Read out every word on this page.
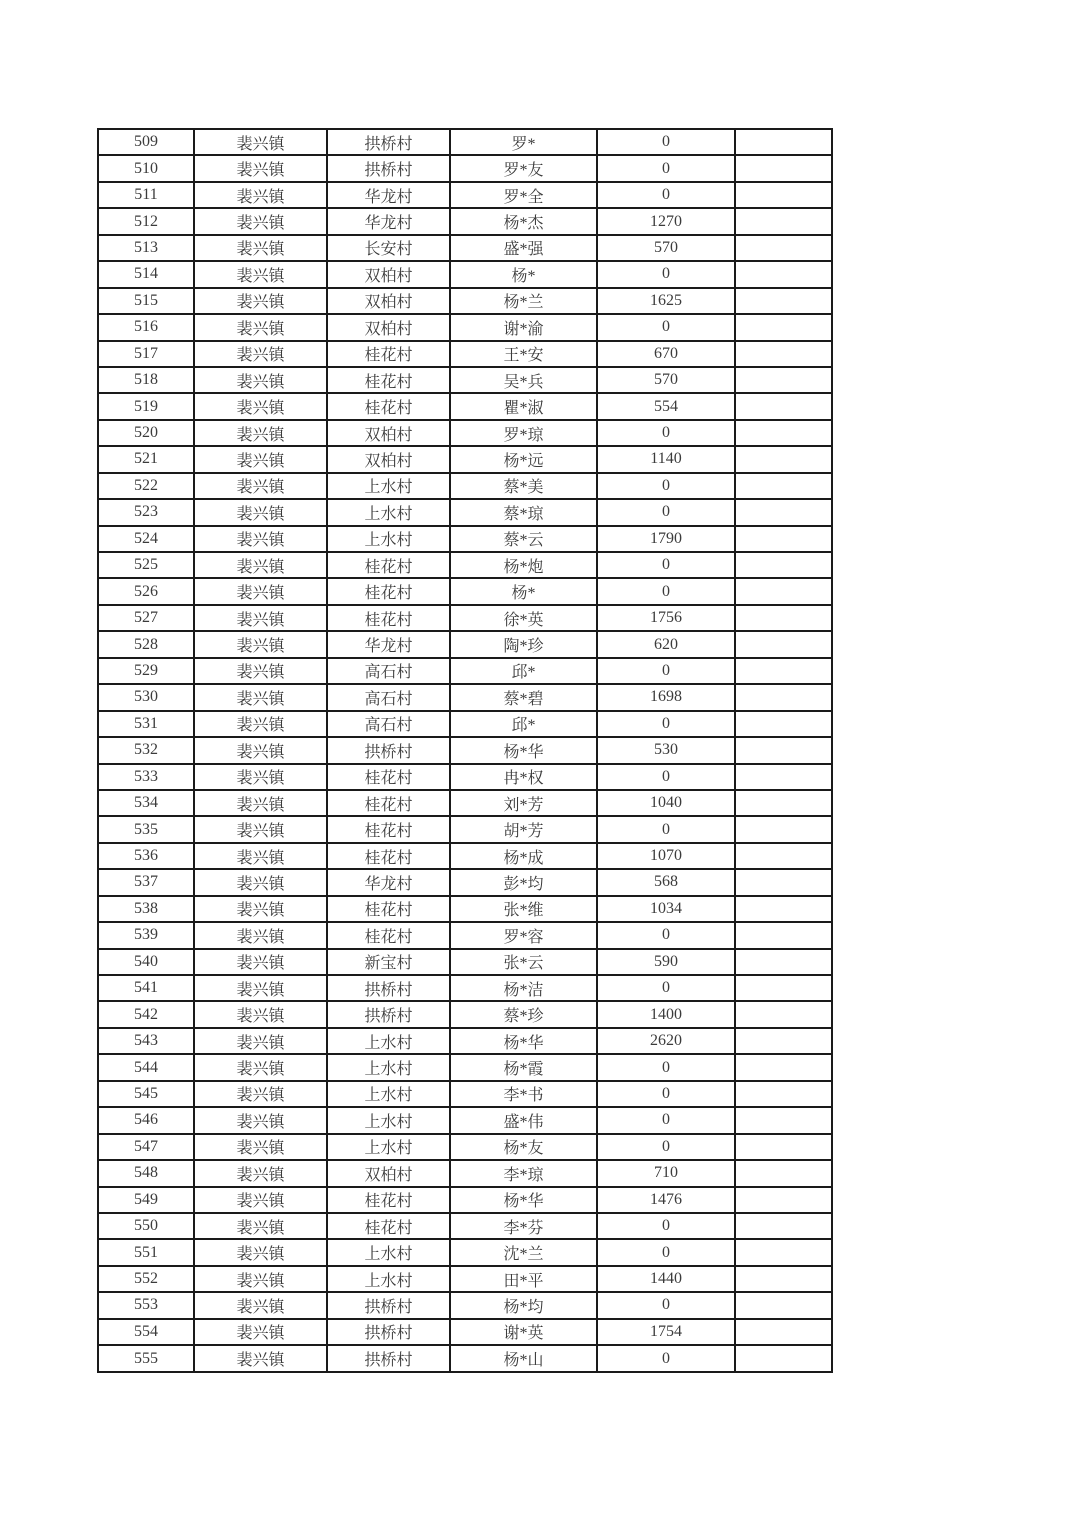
509	裴兴镇	拱桥村	罗*	0	
510	裴兴镇	拱桥村	罗*友	0	
511	裴兴镇	华龙村	罗*全	0	
512	裴兴镇	华龙村	杨*杰	1270	
513	裴兴镇	长安村	盛*强	570	
514	裴兴镇	双柏村	杨*	0	
515	裴兴镇	双柏村	杨*兰	1625	
516	裴兴镇	双柏村	谢*渝	0	
517	裴兴镇	桂花村	王*安	670	
518	裴兴镇	桂花村	吴*兵	570	
519	裴兴镇	桂花村	瞿*淑	554	
520	裴兴镇	双柏村	罗*琼	0	
521	裴兴镇	双柏村	杨*远	1140	
522	裴兴镇	上水村	蔡*美	0	
523	裴兴镇	上水村	蔡*琼	0	
524	裴兴镇	上水村	蔡*云	1790	
525	裴兴镇	桂花村	杨*炮	0	
526	裴兴镇	桂花村	杨*	0	
527	裴兴镇	桂花村	徐*英	1756	
528	裴兴镇	华龙村	陶*珍	620	
529	裴兴镇	高石村	邱*	0	
530	裴兴镇	高石村	蔡*碧	1698	
531	裴兴镇	高石村	邱*	0	
532	裴兴镇	拱桥村	杨*华	530	
533	裴兴镇	桂花村	冉*权	0	
534	裴兴镇	桂花村	刘*芳	1040	
535	裴兴镇	桂花村	胡*芳	0	
536	裴兴镇	桂花村	杨*成	1070	
537	裴兴镇	华龙村	彭*均	568	
538	裴兴镇	桂花村	张*维	1034	
539	裴兴镇	桂花村	罗*容	0	
540	裴兴镇	新宝村	张*云	590	
541	裴兴镇	拱桥村	杨*洁	0	
542	裴兴镇	拱桥村	蔡*珍	1400	
543	裴兴镇	上水村	杨*华	2620	
544	裴兴镇	上水村	杨*霞	0	
545	裴兴镇	上水村	李*书	0	
546	裴兴镇	上水村	盛*伟	0	
547	裴兴镇	上水村	杨*友	0	
548	裴兴镇	双柏村	李*琼	710	
549	裴兴镇	桂花村	杨*华	1476	
550	裴兴镇	桂花村	李*芬	0	
551	裴兴镇	上水村	沈*兰	0	
552	裴兴镇	上水村	田*平	1440	
553	裴兴镇	拱桥村	杨*均	0	
554	裴兴镇	拱桥村	谢*英	1754	
555	裴兴镇	拱桥村	杨*山	0	
